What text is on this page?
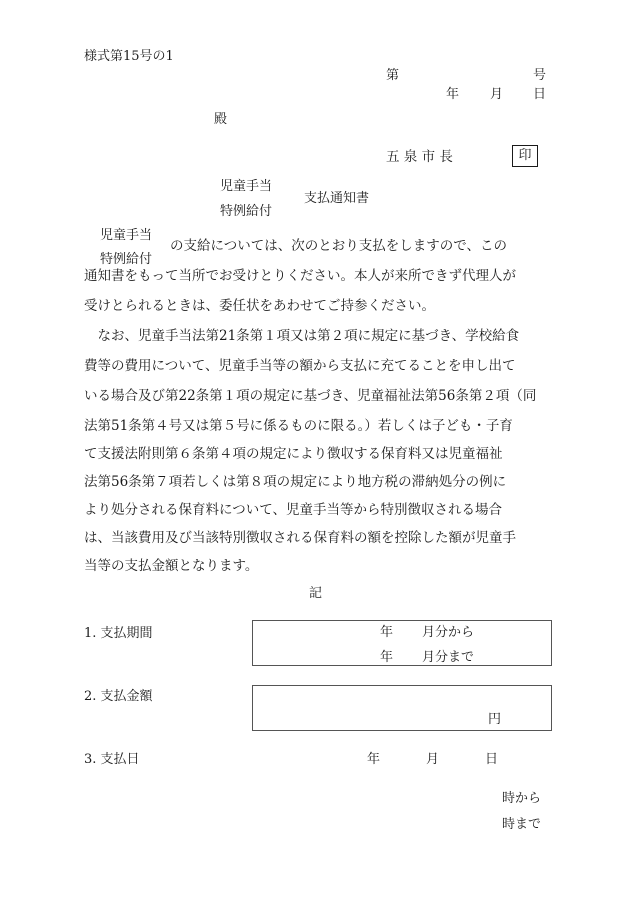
様式第15号の1
第	号
年 月 日
殿
五 泉 市 長	印
児童手当
特例給付
支払通知書
児童手当
特例給付
の支給については、次のとおり支払をしますので、この
通知書をもって当所でお受けとりください。本人が来所できず代理人が
受けとられるときは、委任状をあわせてご持参ください。
　なお、児童手当法第21条第１項又は第２項に規定に基づき、学校給食
費等の費用について、児童手当等の額から支払に充てることを申し出て
いる場合及び第22条第１項の規定に基づき、児童福祉法第56条第２項（同
法第51条第４号又は第５号に係るものに限る。）若しくは子ども・子育
て支援法附則第６条第４項の規定により徴収する保育料又は児童福祉
法第56条第７項若しくは第８項の規定により地方税の滞納処分の例に
より処分される保育料について、児童手当等から特別徴収される場合
は、当該費用及び当該特別徴収される保育料の額を控除した額が児童手
当等の支払金額となります。
記
1. 支払期間	年 月分から
年 月分まで
2. 支払金額
円
3. 支払日	年	月	日
時から
時まで
